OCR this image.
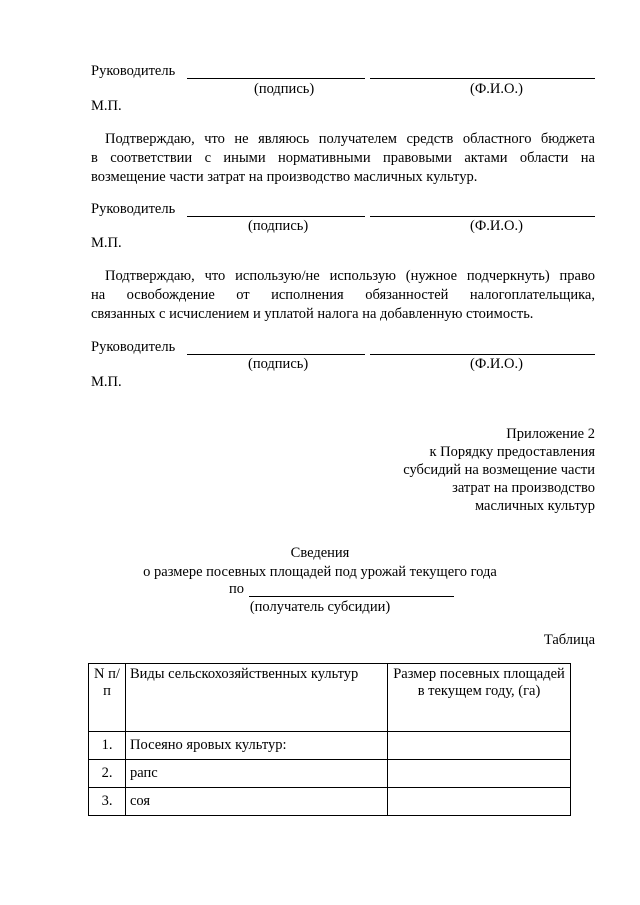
Руководитель
(подпись)	(Ф.И.О.)
М.П.
Подтверждаю, что не являюсь получателем средств областного бюджета
в соответствии с иными нормативными правовыми актами области на
возмещение части затрат на производство масличных культур.
Руководитель
(подпись)	(Ф.И.О.)
М.П.
Подтверждаю, что использую/не использую (нужное подчеркнуть) право
на освобождение от исполнения обязанностей налогоплательщика,
связанных с исчислением и уплатой налога на добавленную стоимость.
Руководитель
(подпись)	(Ф.И.О.)
М.П.
Приложение 2
к Порядку предоставления
субсидий на возмещение части
затрат на производство
масличных культур
Сведения
о размере посевных площадей под урожай текущего года
по
(получатель субсидии)
Таблица
N п/п	Виды сельскохозяйственных культур	Размер посевных площадей в текущем году, (га)
1.	Посеяно яровых культур:	
2.	рапс	
3.	соя	
